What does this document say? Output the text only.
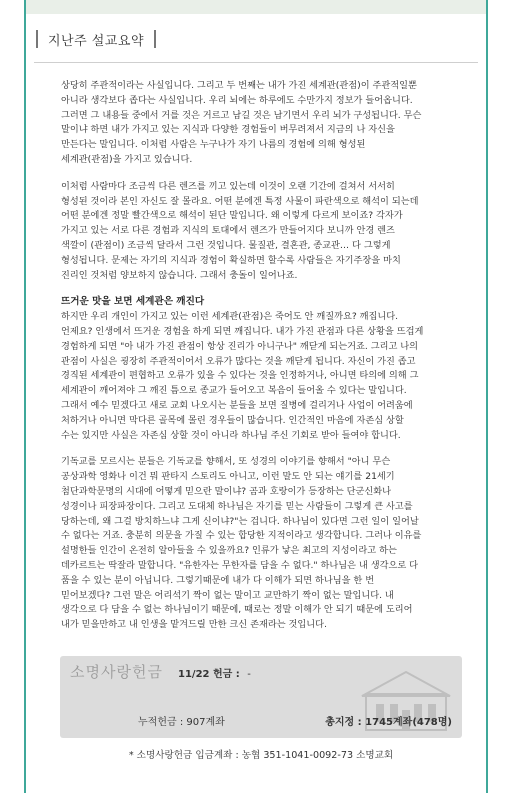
지난주 설교요약

상당히 주관적이라는 사실입니다. 그리고 두 번째는 내가 가진 세계관(관점)이 주관적일뿐
아니라 생각보다 좁다는 사실입니다. 우리 뇌에는 하루에도 수만가지 정보가 들어옵니다.
그러면 그 내용들 중에서 거를 것은 거르고 남길 것은 남기면서 우리 뇌가 구성됩니다. 무슨
말이냐 하면 내가 가지고 있는 지식과 다양한 경험들이 버무려져서 지금의 나 자신을
만든다는 말입니다. 이처럼 사람은 누구나가 자기 나름의 경험에 의해 형성된
세계관(관점)을 가지고 있습니다.

이처럼 사람마다 조금씩 다른 렌즈를 끼고 있는데 이것이 오랜 기간에 걸쳐서 서서히
형성된 것이라 본인 자신도 잘 몰라요. 어떤 분에겐 특정 사물이 파란색으로 해석이 되는데
어떤 분에겐 정말 빨간색으로 해석이 된단 말입니다. 왜 이렇게 다르게 보이죠? 각자가
가지고 있는 서로 다른 경험과 지식의 토대에서 렌즈가 만들어지다 보니까 안경 렌즈
색깔이 (관점이) 조금씩 달라서 그런 것입니다. 물질관, 결혼관, 종교관… 다 그렇게
형성됩니다. 문제는 자기의 지식과 경험이 확실하면 할수록 사람들은 자기주장을 마치
진리인 것처럼 양보하지 않습니다. 그래서 충돌이 일어나죠.

뜨거운 맛을 보면 세계관은 깨진다

하지만 우리 개인이 가지고 있는 이런 세계관(관점)은 죽어도 안 깨질까요? 깨집니다.
언제요? 인생에서 뜨거운 경험을 하게 되면 깨집니다. 내가 가진 관점과 다른 상황을 뜨겁게
경험하게 되면 "아 내가 가진 관점이 항상 진리가 아니구나" 깨닫게 되는거죠. 그리고 나의
관점이 사실은 굉장히 주관적이어서 오류가 많다는 것을 깨닫게 됩니다. 자신이 가진 좁고
경직된 세계관이 편협하고 오류가 있을 수 있다는 것을 인정하거나, 아니면 타의에 의해 그
세계관이 깨어져야 그 깨진 틈으로 종교가 들어오고 복음이 들어올 수 있다는 말입니다.
그래서 예수 믿겠다고 새로 교회 나오시는 분들을 보면 질병에 걸리거나 사업이 어려움에
처하거나 아니면 막다른 골목에 몰린 경우들이 많습니다. 인간적인 마음에 자존심 상할
수는 있지만 사실은 자존심 상할 것이 아니라 하나님 주신 기회로 받아 들여야 합니다.

기독교를 모르시는 분들은 기독교를 향해서, 또 성경의 이야기를 향해서 "아니 무슨
공상과학 영화나 이건 뭐 판타지 스토리도 아니고, 이런 말도 안 되는 얘기를 21세기
첨단과학문명의 시대에 어떻게 믿으란 말이냐? 곰과 호랑이가 등장하는 단군신화나
성경이나 피장파장이다. 그리고 도대체 하나님은 자기를 믿는 사람들이 그렇게 큰 사고를
당하는데, 왜 그걸 방치하느냐 그게 신이냐?"는 겁니다. 하나님이 있다면 그런 일이 일어날
수 없다는 거죠. 충분히 의문을 가질 수 있는 합당한 지적이라고 생각합니다. 그러나 이유를
설명한들 인간이 온전히 알아들을 수 있을까요? 인류가 낳은 최고의 지성이라고 하는
데카르트는 딱잘라 말합니다. "유한자는 무한자를 담을 수 없다." 하나님은 내 생각으로 다
품을 수 있는 분이 아닙니다. 그렇기때문에 내가 다 이해가 되면 하나님을 한 번
믿어보겠다? 그런 말은 어리석기 짝이 없는 말이고 교만하기 짝이 없는 말입니다. 내
생각으로 다 담을 수 없는 하나님이기 때문에, 때로는 정말 이해가 안 되기 때문에 도리어
내가 믿을만하고 내 인생을 맡겨드릴 만한 크신 존재라는 것입니다.

소명사랑헌금 11/22 헌금 : -
누적헌금 : 907계좌	총지정 : 1745계좌(478명)
* 소명사랑헌금 입금계좌 : 농협 351-1041-0092-73 소명교회
